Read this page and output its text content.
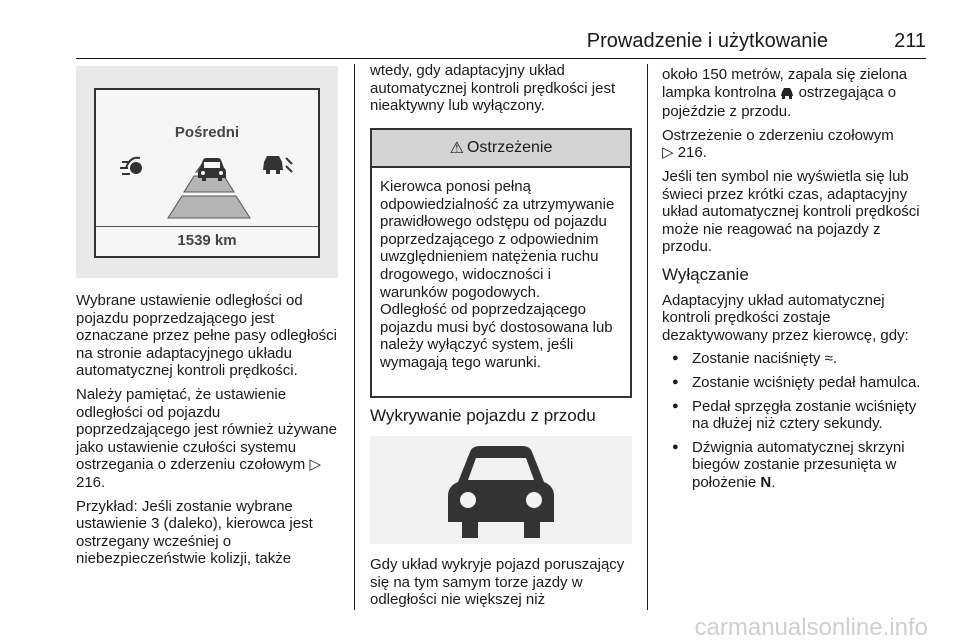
Prowadzenie i użytkowanie	211
Pośredni
1539 km

Wybrane ustawienie odległości od pojazdu poprzedzającego jest oznaczane przez pełne pasy odległości na stronie adaptacyjnego układu automatycznej kontroli prędkości.

Należy pamiętać, że ustawienie odległości od pojazdu poprzedzającego jest również używane jako ustawienie czułości systemu ostrzegania o zderzeniu czołowym ▷ 216.

Przykład: Jeśli zostanie wybrane ustawienie 3 (daleko), kierowca jest ostrzegany wcześniej o niebezpieczeństwie kolizji, także

wtedy, gdy adaptacyjny układ automatycznej kontroli prędkości jest nieaktywny lub wyłączony.

⚠ Ostrzeżenie

Kierowca ponosi pełną odpowiedzialność za utrzymywanie prawidłowego odstępu od pojazdu poprzedzającego z odpowiednim uwzględnieniem natężenia ruchu drogowego, widoczności i warunków pogodowych.

Odległość od poprzedzającego pojazdu musi być dostosowana lub należy wyłączyć system, jeśli wymagają tego warunki.

Wykrywanie pojazdu z przodu

Gdy układ wykryje pojazd poruszający się na tym samym torze jazdy w odległości nie większej niż

około 150 metrów, zapala się zielona lampka kontrolna ostrzegająca o pojeździe z przodu.

Ostrzeżenie o zderzeniu czołowym
▷ 216.

Jeśli ten symbol nie wyświetla się lub świeci przez krótki czas, adaptacyjny układ automatycznej kontroli prędkości może nie reagować na pojazdy z przodu.

Wyłączanie

Adaptacyjny układ automatycznej kontroli prędkości zostaje dezaktywowany przez kierowcę, gdy:

● Zostanie naciśnięty ≈.
● Zostanie wciśnięty pedał hamulca.
● Pedał sprzęgła zostanie wciśnięty na dłużej niż cztery sekundy.
● Dźwignia automatycznej skrzyni biegów zostanie przesunięta w położenie N.
carmanualsonline.info
